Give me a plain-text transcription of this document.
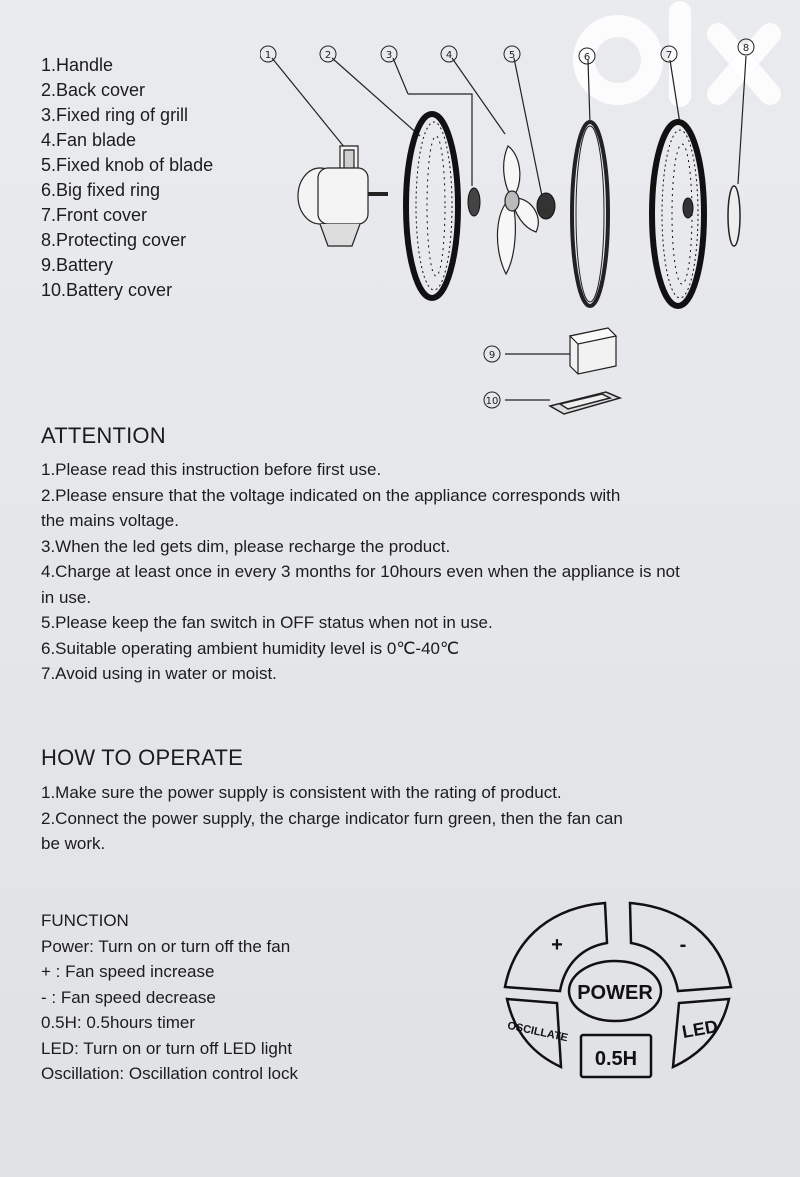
1.Handle
2.Back cover
3.Fixed ring of grill
4.Fan blade
5.Fixed knob of blade
6.Big fixed ring
7.Front cover
8.Protecting cover
9.Battery
10.Battery cover
1	2	3	4	5	6	7
8
9
10
ATTENTION

1.Please read this instruction before first use.

2.Please ensure that the voltage indicated on the appliance corresponds with

the mains voltage.

3.When the led gets dim, please recharge the product.

4.Charge at least once in every 3 months for 10hours even when the appliance is not

in use.

5.Please keep the fan switch in OFF status when not in use.

6.Suitable operating ambient humidity level is 0℃-40℃

7.Avoid using in water or moist.

HOW TO OPERATE

1.Make sure the power supply is consistent with the rating of product.

2.Connect the power supply, the charge indicator furn green, then the fan can

be work.

FUNCTION
Power: Turn on or turn off the fan
+ : Fan speed increase
- : Fan speed decrease
0.5H: 0.5hours timer
LED: Turn on or turn off LED light
Oscillation: Oscillation control lock
+	-
POWER
OSCILLATE	LED
0.5H
